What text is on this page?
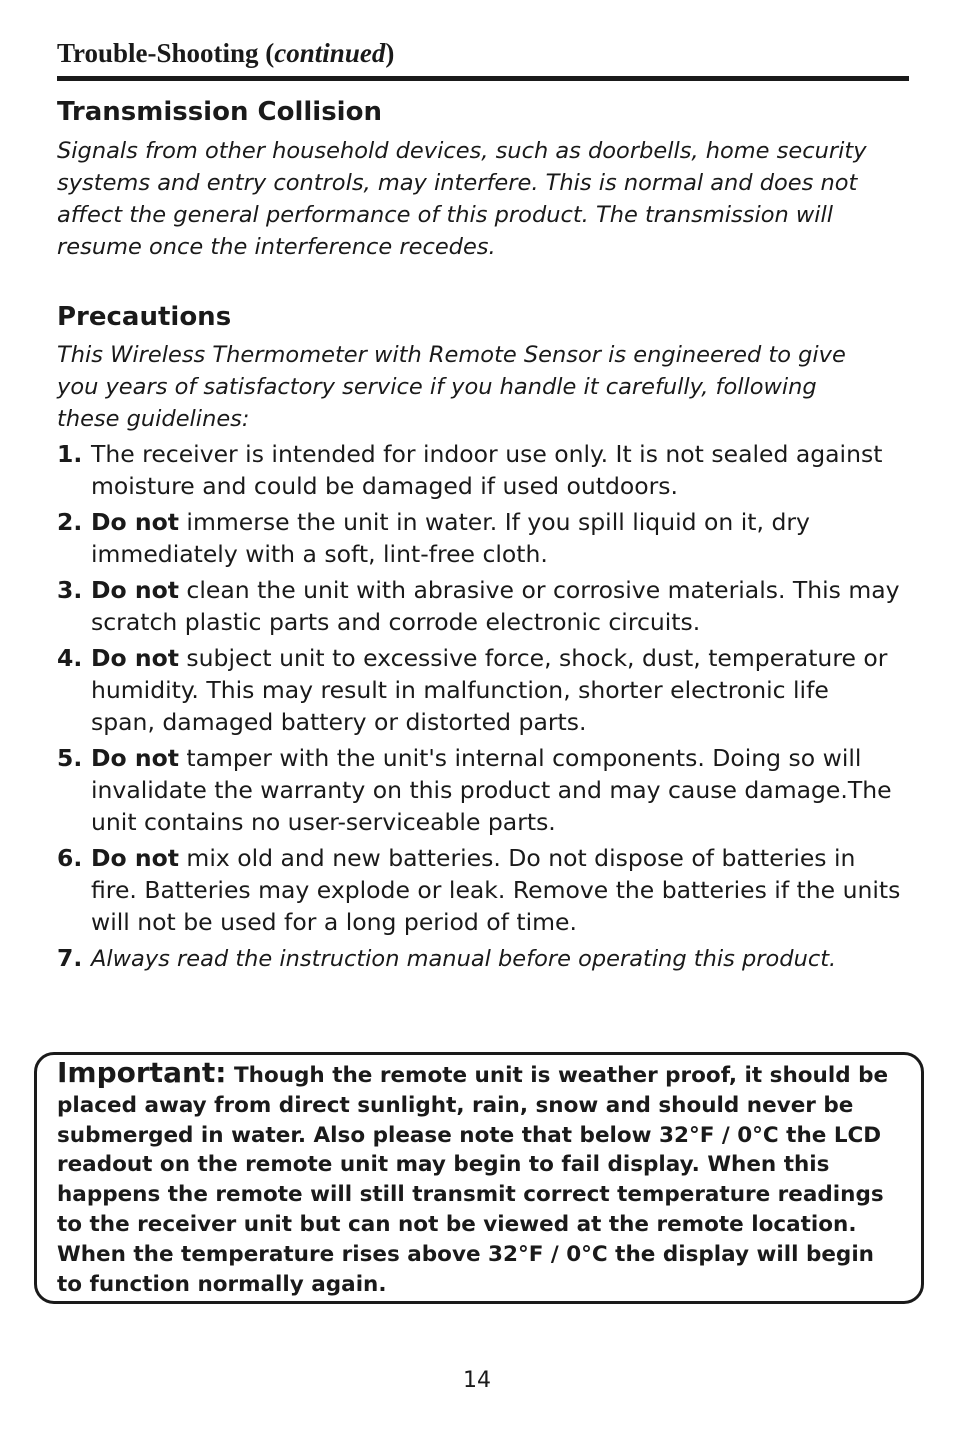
Trouble-Shooting (continued)
Transmission Collision
Signals from other household devices, such as doorbells, home security
systems and entry controls, may interfere. This is normal and does not
affect the general performance of this product. The transmission will
resume once the interference recedes.
Precautions
This Wireless Thermometer with Remote Sensor is engineered to give
you years of satisfactory service if you handle it carefully, following
these guidelines:
1. The receiver is intended for indoor use only. It is not sealed against
moisture and could be damaged if used outdoors.
2. Do not immerse the unit in water. If you spill liquid on it, dry
immediately with a soft, lint-free cloth.
3. Do not clean the unit with abrasive or corrosive materials. This may
scratch plastic parts and corrode electronic circuits.
4. Do not subject unit to excessive force, shock, dust, temperature or
humidity. This may result in malfunction, shorter electronic life
span, damaged battery or distorted parts.
5. Do not tamper with the unit's internal components. Doing so will
invalidate the warranty on this product and may cause damage.The
unit contains no user-serviceable parts.
6. Do not mix old and new batteries. Do not dispose of batteries in
fire. Batteries may explode or leak. Remove the batteries if the units
will not be used for a long period of time.
7. Always read the instruction manual before operating this product.
Important: Though the remote unit is weather proof, it should be
placed away from direct sunlight, rain, snow and should never be
submerged in water. Also please note that below 32°F / 0°C the LCD
readout on the remote unit may begin to fail display. When this
happens the remote will still transmit correct temperature readings
to the receiver unit but can not be viewed at the remote location.
When the temperature rises above 32°F / 0°C the display will begin
to function normally again.
14
